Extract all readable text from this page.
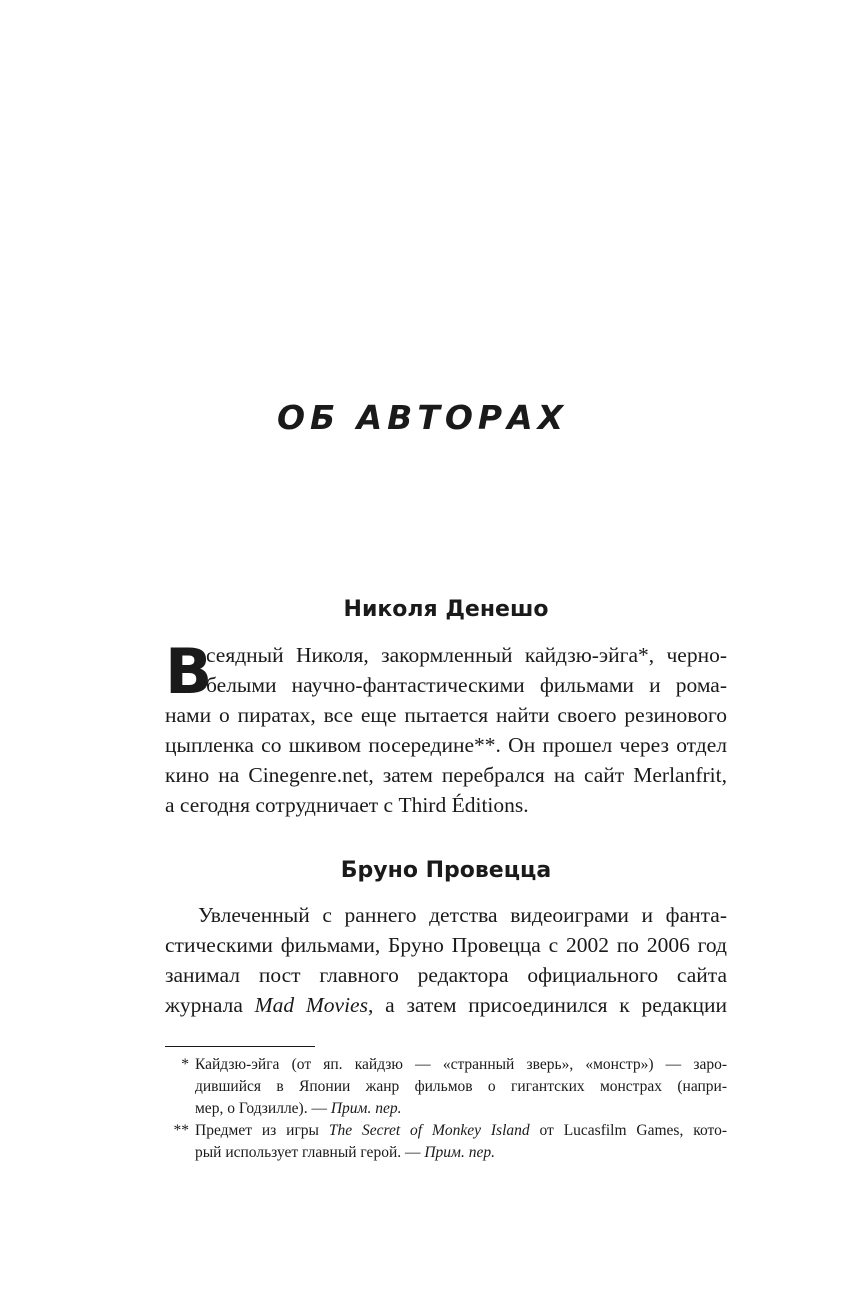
ОБ АВТОРАХ
Николя Денешо
В
сеядный Николя, закормленный кайдзю-эйга*, черно-
белыми научно-фантастическими фильмами и рома-
нами о пиратах, все еще пытается найти своего резинового
цыпленка со шкивом посередине**. Он прошел через отдел
кино на Cinegenre.net, затем перебрался на сайт Merlanfrit,
а сегодня сотрудничает с Third Éditions.
Бруно Провецца
Увлеченный с раннего детства видеоиграми и фанта-
стическими фильмами, Бруно Провецца с 2002 по 2006 год
занимал пост главного редактора официального сайта
журнала Mad Movies, а затем присоединился к редакции
* Кайдзю-эйга (от яп. кайдзю — «странный зверь», «монстр») — заро-
дившийся в Японии жанр фильмов о гигантских монстрах (напри-
мер, о Годзилле). — Прим. пер.
** Предмет из игры The Secret of Monkey Island от Lucasfilm Games, кото-
рый использует главный герой. — Прим. пер.
